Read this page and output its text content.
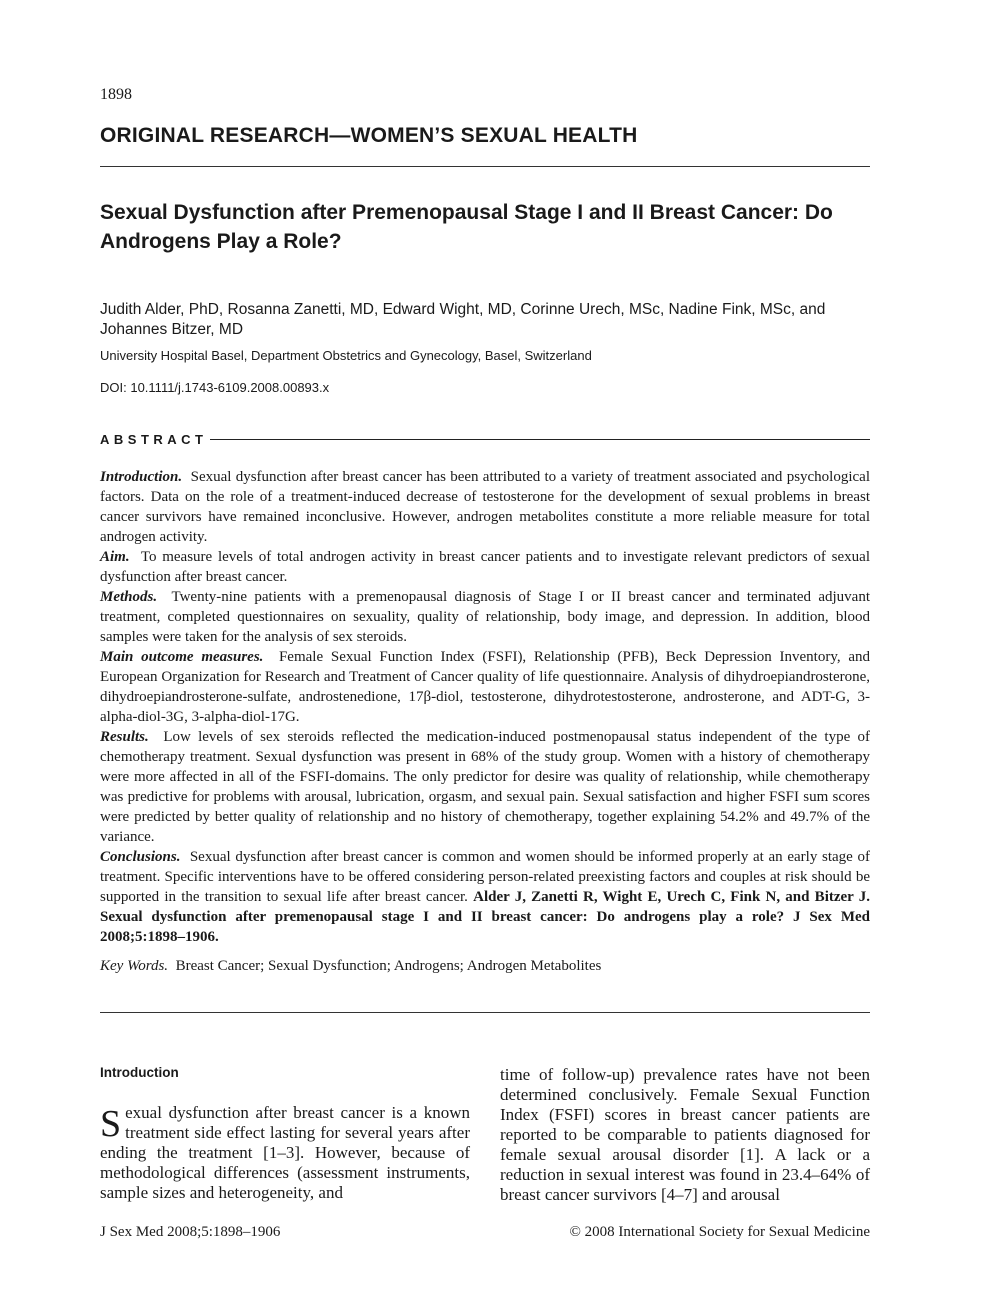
1898
ORIGINAL RESEARCH—WOMEN’S SEXUAL HEALTH
Sexual Dysfunction after Premenopausal Stage I and II Breast Cancer: Do Androgens Play a Role?
Judith Alder, PhD, Rosanna Zanetti, MD, Edward Wight, MD, Corinne Urech, MSc, Nadine Fink, MSc, and Johannes Bitzer, MD
University Hospital Basel, Department Obstetrics and Gynecology, Basel, Switzerland
DOI: 10.1111/j.1743-6109.2008.00893.x
ABSTRACT

Introduction. Sexual dysfunction after breast cancer has been attributed to a variety of treatment associated and psychological factors. Data on the role of a treatment-induced decrease of testosterone for the development of sexual problems in breast cancer survivors have remained inconclusive. However, androgen metabolites constitute a more reliable measure for total androgen activity.

Aim. To measure levels of total androgen activity in breast cancer patients and to investigate relevant predictors of sexual dysfunction after breast cancer.

Methods. Twenty-nine patients with a premenopausal diagnosis of Stage I or II breast cancer and terminated adjuvant treatment, completed questionnaires on sexuality, quality of relationship, body image, and depression. In addition, blood samples were taken for the analysis of sex steroids.

Main outcome measures. Female Sexual Function Index (FSFI), Relationship (PFB), Beck Depression Inventory, and European Organization for Research and Treatment of Cancer quality of life questionnaire. Analysis of dihydroepiandrosterone, dihydroepiandrosterone-sulfate, androstenedione, 17β-diol, testosterone, dihydrotestosterone, androsterone, and ADT-G, 3-alpha-diol-3G, 3-alpha-diol-17G.

Results. Low levels of sex steroids reflected the medication-induced postmenopausal status independent of the type of chemotherapy treatment. Sexual dysfunction was present in 68% of the study group. Women with a history of chemotherapy were more affected in all of the FSFI-domains. The only predictor for desire was quality of relationship, while chemotherapy was predictive for problems with arousal, lubrication, orgasm, and sexual pain. Sexual satisfaction and higher FSFI sum scores were predicted by better quality of relationship and no history of chemotherapy, together explaining 54.2% and 49.7% of the variance.

Conclusions. Sexual dysfunction after breast cancer is common and women should be informed properly at an early stage of treatment. Specific interventions have to be offered considering person-related preexisting factors and couples at risk should be supported in the transition to sexual life after breast cancer. Alder J, Zanetti R, Wight E, Urech C, Fink N, and Bitzer J. Sexual dysfunction after premenopausal stage I and II breast cancer: Do androgens play a role? J Sex Med 2008;5:1898–1906.

Key Words. Breast Cancer; Sexual Dysfunction; Androgens; Androgen Metabolites
Introduction

Sexual dysfunction after breast cancer is a known treatment side effect lasting for several years after ending the treatment [1–3]. However, because of methodological differences (assessment instruments, sample sizes and heterogeneity, and

time of follow-up) prevalence rates have not been determined conclusively. Female Sexual Function Index (FSFI) scores in breast cancer patients are reported to be comparable to patients diagnosed for female sexual arousal disorder [1]. A lack or a reduction in sexual interest was found in 23.4–64% of breast cancer survivors [4–7] and arousal

J Sex Med 2008;5:1898–1906	© 2008 International Society for Sexual Medicine
